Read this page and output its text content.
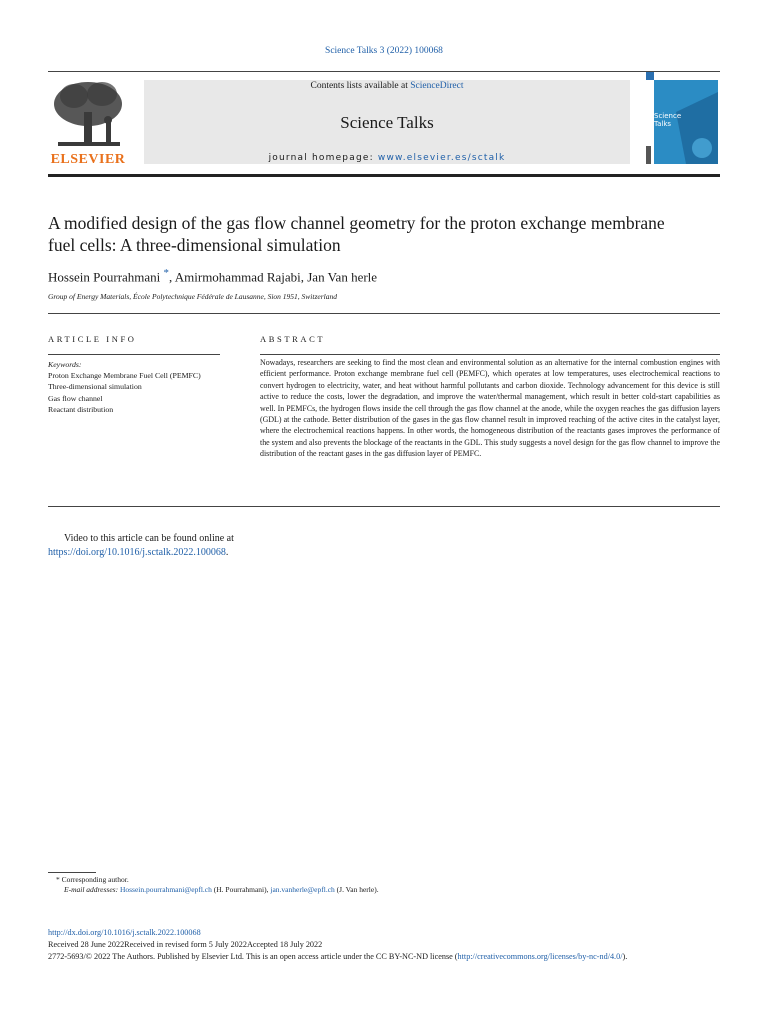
Science Talks 3 (2022) 100068
ELSEVIER
Contents lists available at ScienceDirect
Science Talks
journal homepage: www.elsevier.es/sctalk
Science Talks
A modified design of the gas flow channel geometry for the proton exchange membrane fuel cells: A three-dimensional simulation
Hossein Pourrahmani *, Amirmohammad Rajabi, Jan Van herle
Group of Energy Materials, École Polytechnique Fédérale de Lausanne, Sion 1951, Switzerland
ARTICLE INFO	ABSTRACT
Keywords:
Proton Exchange Membrane Fuel Cell (PEMFC)
Three-dimensional simulation
Gas flow channel
Reactant distribution
Nowadays, researchers are seeking to find the most clean and environmental solution as an alternative for the internal combustion engines with efficient performance. Proton exchange membrane fuel cell (PEMFC), which operates at low temperatures, uses electrochemical reactions to convert hydrogen to electricity, water, and heat without harmful pollutants and carbon dioxide. Technology advancement for this device is still active to reduce the costs, lower the degradation, and improve the water/thermal management, which result in better cold-start capabilities as well. In PEMFCs, the hydrogen flows inside the cell through the gas flow channel at the anode, while the oxygen reaches the gas diffusion layers (GDL) at the cathode. Better distribution of the gases in the gas flow channel result in improved reaching of the active cites in the catalyst layer, where the electrochemical reactions happens. In other words, the homogeneous distribution of the reactants gases improves the performance of the system and also prevents the blockage of the reactants in the GDL. This study suggests a novel design for the gas flow channel to improve the distribution of the reactant gases in the gas diffusion layer of PEMFC.
Video to this article can be found online at https://doi.org/10.1016/j.sctalk.2022.100068.
* Corresponding author.
E-mail addresses: Hossein.pourrahmani@epfl.ch (H. Pourrahmani), jan.vanherle@epfl.ch (J. Van herle).
http://dx.doi.org/10.1016/j.sctalk.2022.100068
Received 28 June 2022Received in revised form 5 July 2022Accepted 18 July 2022
2772-5693/© 2022 The Authors. Published by Elsevier Ltd. This is an open access article under the CC BY-NC-ND license (http://creativecommons.org/licenses/by-nc-nd/4.0/).
